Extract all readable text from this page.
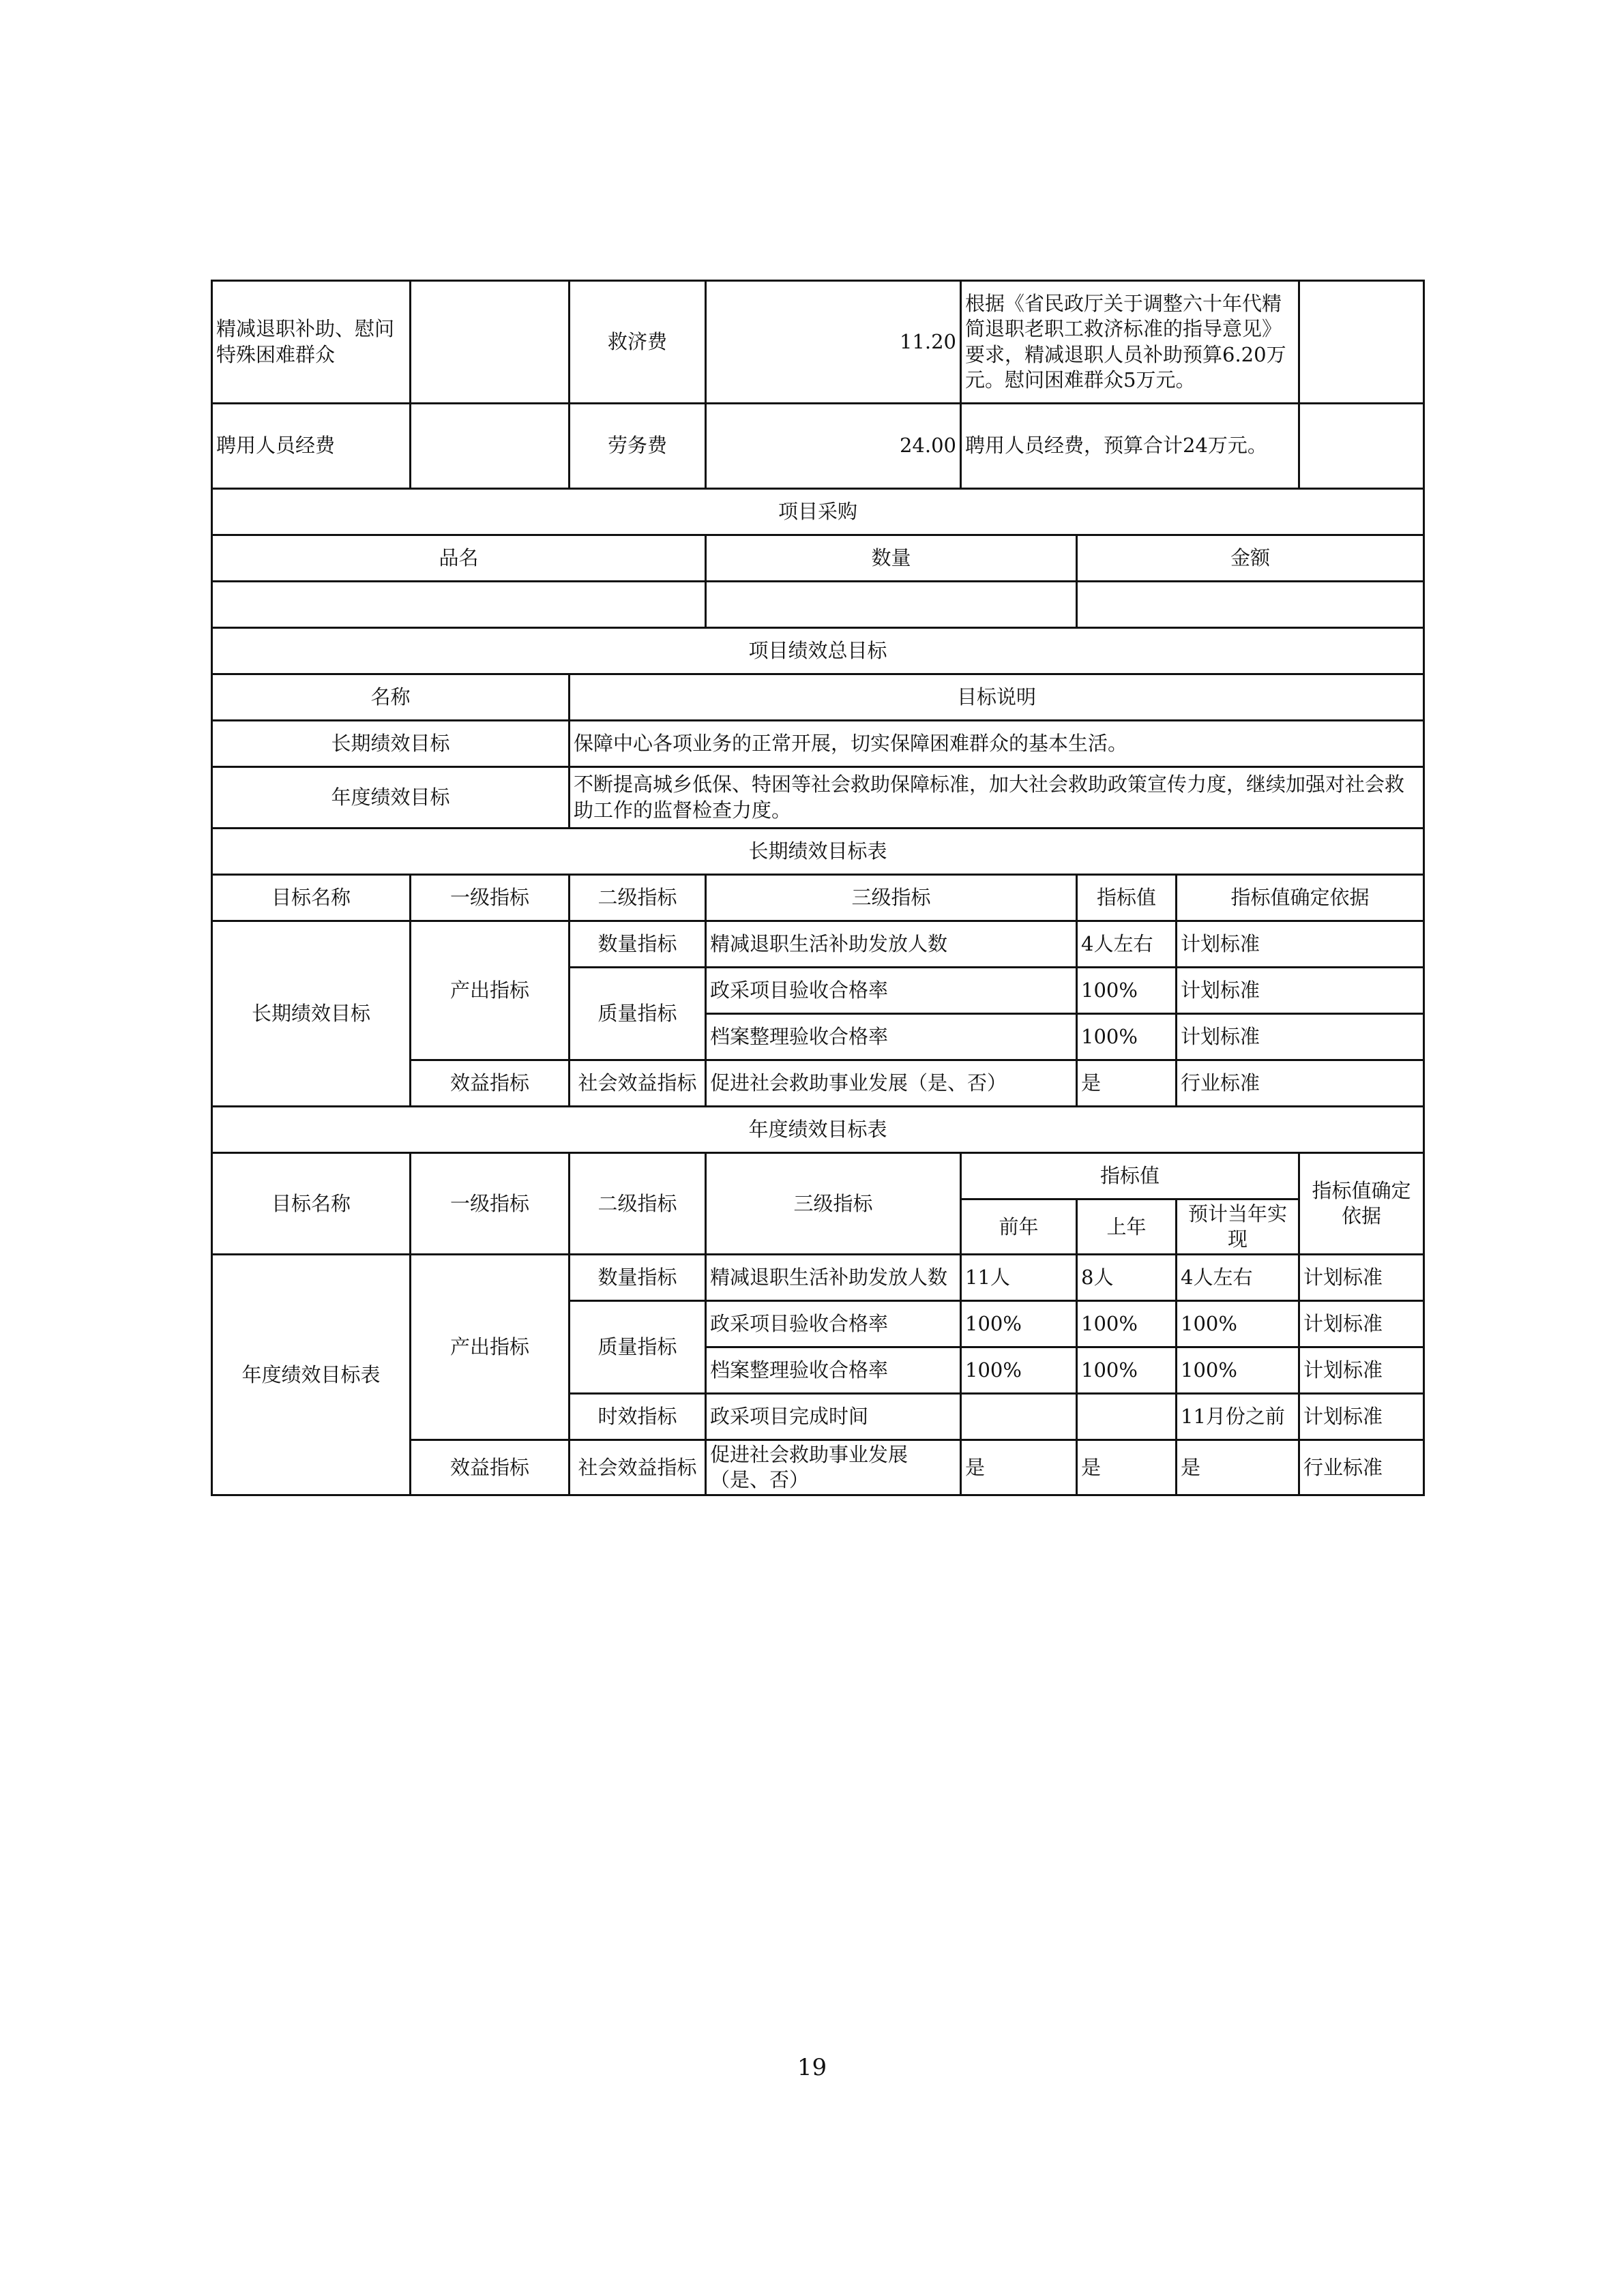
精减退职补助、慰问特殊困难群众		救济费	11.20	根据《省民政厅关于调整六十年代精简退职老职工救济标准的指导意见》要求，精减退职人员补助预算6.20万元。慰问困难群众5万元。			
聘用人员经费		劳务费	24.00	聘用人员经费，预算合计24万元。			
项目采购							
品名			数量		金额		

项目绩效总目标							
名称		目标说明					
长期绩效目标		保障中心各项业务的正常开展，切实保障困难群众的基本生活。					
年度绩效目标		不断提高城乡低保、特困等社会救助保障标准，加大社会救助政策宣传力度，继续加强对社会救助工作的监督检查力度。					
长期绩效目标表							
目标名称	一级指标	二级指标	三级指标		指标值	指标值确定依据	
长期绩效目标	产出指标	数量指标	精减退职生活补助发放人数		4人左右	计划标准	
		质量指标	政采项目验收合格率		100%	计划标准	
			档案整理验收合格率		100%	计划标准	
	效益指标	社会效益指标	促进社会救助事业发展（是、否）		是	行业标准	
年度绩效目标表							
目标名称	一级指标	二级指标	三级指标	指标值			指标值确定依据
				前年	上年	预计当年实现	
年度绩效目标表	产出指标	数量指标	精减退职生活补助发放人数	11人	8人	4人左右	计划标准
		质量指标	政采项目验收合格率	100%	100%	100%	计划标准
			档案整理验收合格率	100%	100%	100%	计划标准
		时效指标	政采项目完成时间			11月份之前	计划标准
	效益指标	社会效益指标	促进社会救助事业发展（是、否）	是	是	是	行业标准
19
